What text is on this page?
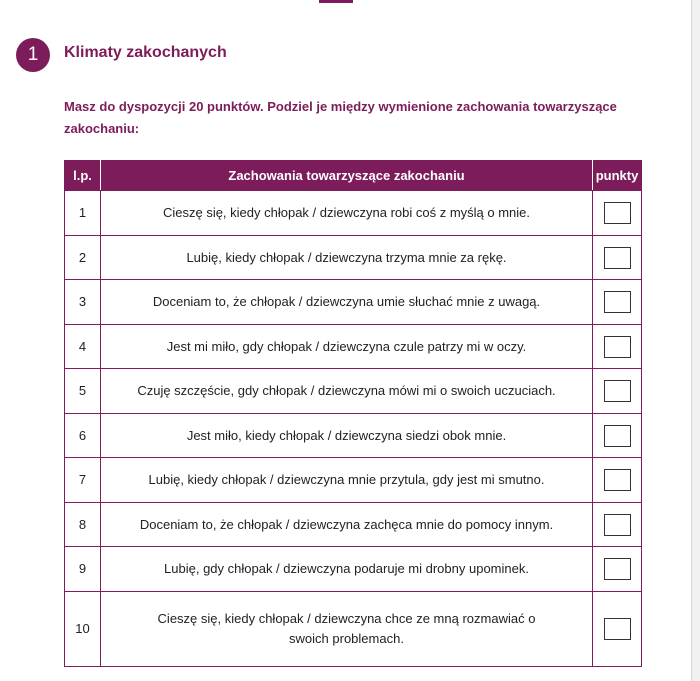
1	Klimaty zakochanych
Masz do dyspozycji 20 punktów. Podziel je między wymienione zachowania towarzyszące zakochaniu:
l.p.	Zachowania towarzyszące zakochaniu	punkty
1	Cieszę się, kiedy chłopak / dziewczyna robi coś z myślą o mnie.	
2	Lubię, kiedy chłopak / dziewczyna trzyma mnie za rękę.	
3	Doceniam to, że chłopak / dziewczyna umie słuchać mnie z uwagą.	
4	Jest mi miło, gdy chłopak / dziewczyna czule patrzy mi w oczy.	
5	Czuję szczęście, gdy chłopak / dziewczyna mówi mi o swoich uczuciach.	
6	Jest miło, kiedy chłopak / dziewczyna siedzi obok mnie.	
7	Lubię, kiedy chłopak / dziewczyna mnie przytula, gdy jest mi smutno.	
8	Doceniam to, że chłopak / dziewczyna zachęca mnie do pomocy innym.	
9	Lubię, gdy chłopak / dziewczyna podaruje mi drobny upominek.	
10	Cieszę się, kiedy chłopak / dziewczyna chce ze mną rozmawiać o swoich problemach.	
